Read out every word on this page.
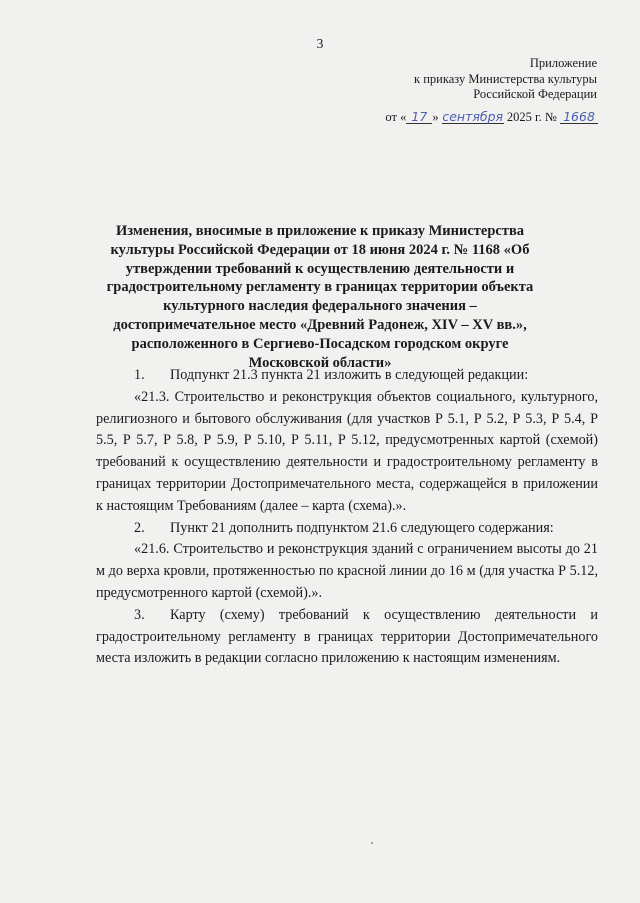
3
Приложение
к приказу Министерства культуры
Российской Федерации
от « 17 » сентября 2025 г. № 1668
Изменения, вносимые в приложение к приказу Министерства культуры Российской Федерации от 18 июня 2024 г. № 1168 «Об утверждении требований к осуществлению деятельности и градостроительному регламенту в границах территории объекта культурного наследия федерального значения – достопримечательное место «Древний Радонеж, XIV – XV вв.», расположенного в Сергиево-Посадском городском округе Московской области»

1. Подпункт 21.3 пункта 21 изложить в следующей редакции:

«21.3. Строительство и реконструкция объектов социального, культурного, религиозного и бытового обслуживания (для участков Р 5.1, Р 5.2, Р 5.3, Р 5.4, Р 5.5, Р 5.7, Р 5.8, Р 5.9, Р 5.10, Р 5.11, Р 5.12, предусмотренных картой (схемой) требований к осуществлению деятельности и градостроительному регламенту в границах территории Достопримечательного места, содержащейся в приложении к настоящим Требованиям (далее – карта (схема).».

2. Пункт 21 дополнить подпунктом 21.6 следующего содержания:

«21.6. Строительство и реконструкция зданий с ограничением высоты до 21 м до верха кровли, протяженностью по красной линии до 16 м (для участка Р 5.12, предусмотренного картой (схемой).».

3. Карту (схему) требований к осуществлению деятельности и градостроительному регламенту в границах территории Достопримечательного места изложить в редакции согласно приложению к настоящим изменениям.
